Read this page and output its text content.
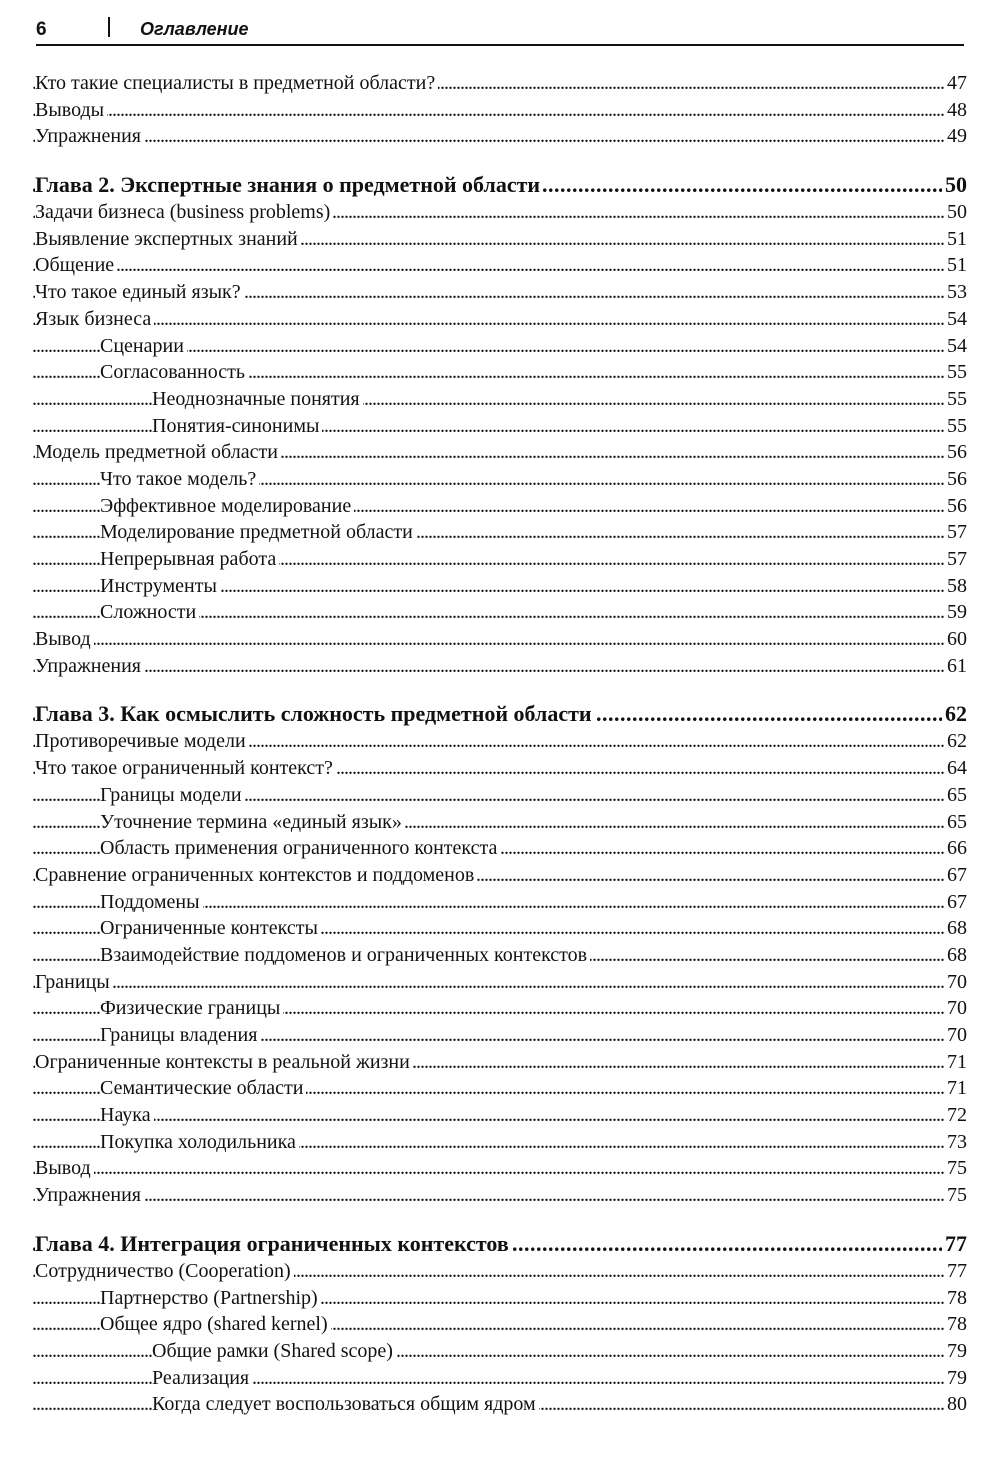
6	Оглавление
Кто такие специалисты в предметной области?	47
. . .
Выводы	48
. . .
Упражнения	49
. . .
Глава 2. Экспертные знания о предметной области	50
. . .
Задачи бизнеса (business problems)	50
. . .
Выявление экспертных знаний	51
. . .
Общение	51
. . .
Что такое единый язык?	53
. . .
Язык бизнеса	54
. . .
Сценарии	54
. . .
Согласованность	55
. . .
Неоднозначные понятия	55
. . .
Понятия-синонимы	55
. . .
Модель предметной области	56
. . .
Что такое модель?	56
. . .
Эффективное моделирование	56
. . .
Моделирование предметной области	57
. . .
Непрерывная работа	57
. . .
Инструменты	58
. . .
Сложности	59
. . .
Вывод	60
. . .
Упражнения	61
. . .
Глава 3. Как осмыслить сложность предметной области	62
. . .
Противоречивые модели	62
. . .
Что такое ограниченный контекст?	64
. . .
Границы модели	65
. . .
Уточнение термина «единый язык»	65
. . .
Область применения ограниченного контекста	66
. . .
Сравнение ограниченных контекстов и поддоменов	67
. . .
Поддомены	67
. . .
Ограниченные контексты	68
. . .
Взаимодействие поддоменов и ограниченных контекстов	68
. . .
Границы	70
. . .
Физические границы	70
. . .
Границы владения	70
. . .
Ограниченные контексты в реальной жизни	71
. . .
Семантические области	71
. . .
Наука	72
. . .
Покупка холодильника	73
. . .
Вывод	75
. . .
Упражнения	75
. . .
Глава 4. Интеграция ограниченных контекстов	77
. . .
Сотрудничество (Cooperation)	77
. . .
Партнерство (Partnership)	78
. . .
Общее ядро (shared kernel)	78
. . .
Общие рамки (Shared scope)	79
. . .
Реализация	79
. . .
Когда следует воспользоваться общим ядром	80
. . .
